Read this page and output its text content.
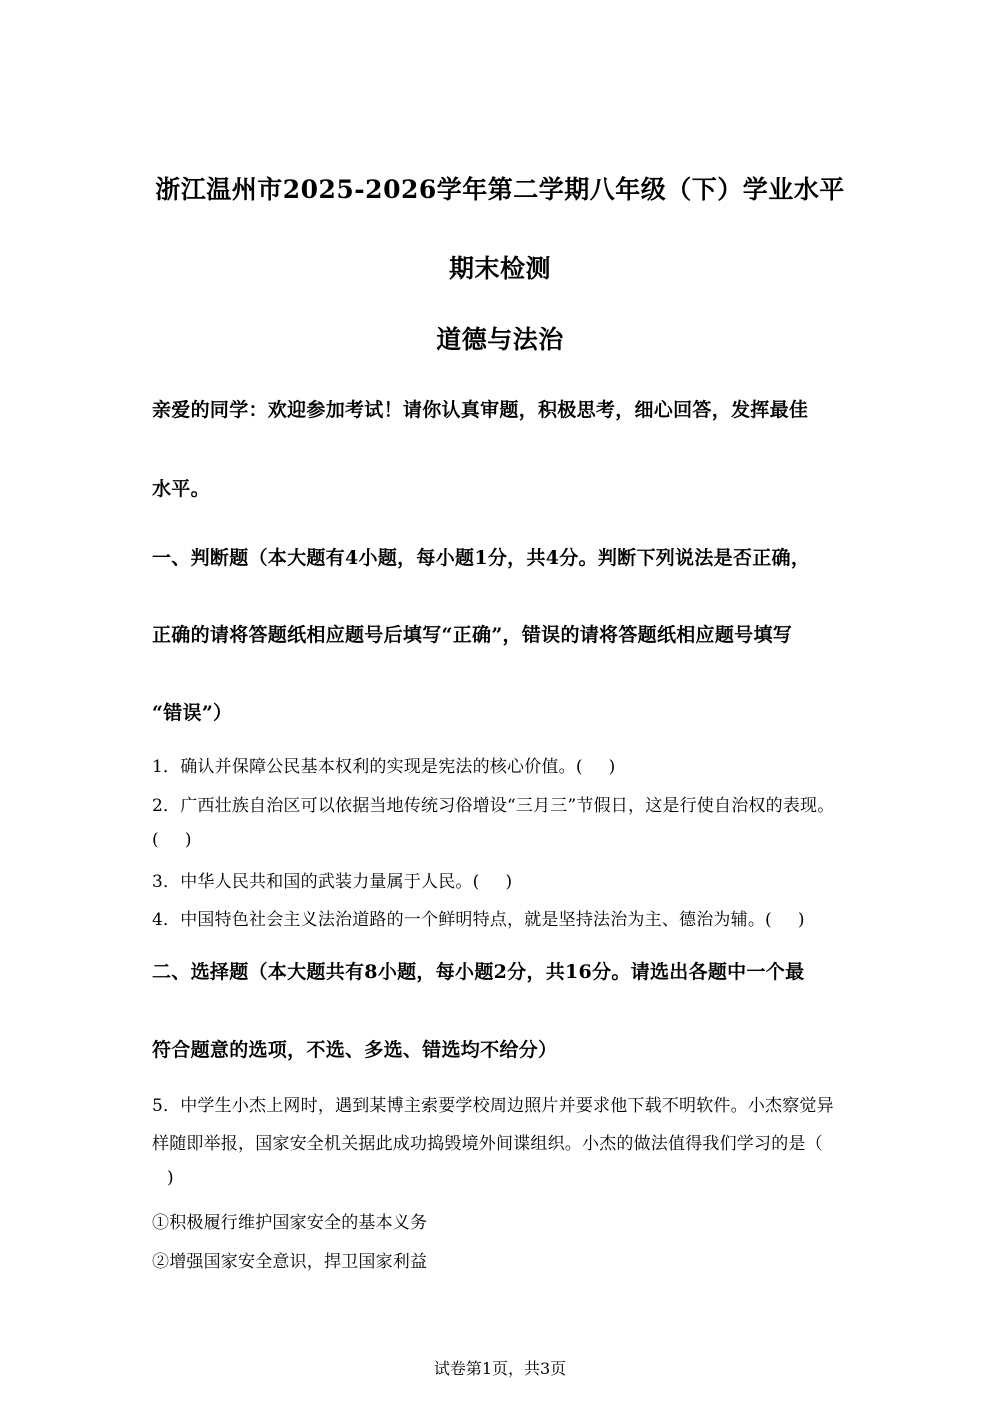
浙江温州市2025-2026学年第二学期八年级（下）学业水平
期末检测
道德与法治

亲爱的同学：欢迎参加考试！请你认真审题，积极思考，细心回答，发挥最佳

水平。

一、判断题（本大题有4小题，每小题1分，共4分。判断下列说法是否正确，

正确的请将答题纸相应题号后填写“正确”，错误的请将答题纸相应题号填写

“错误”）

1．确认并保障公民基本权利的实现是宪法的核心价值。( )

2．广西壮族自治区可以依据当地传统习俗增设“三月三”节假日，这是行使自治权的表现。

( )

3．中华人民共和国的武装力量属于人民。( )

4．中国特色社会主义法治道路的一个鲜明特点，就是坚持法治为主、德治为辅。( )

二、选择题（本大题共有8小题，每小题2分，共16分。请选出各题中一个最

符合题意的选项，不选、多选、错选均不给分）

5．中学生小杰上网时，遇到某博主索要学校周边照片并要求他下载不明软件。小杰察觉异

样随即举报，国家安全机关据此成功捣毁境外间谍组织。小杰的做法值得我们学习的是（

)

①积极履行维护国家安全的基本义务

②增强国家安全意识，捍卫国家利益

试卷第1页，共3页
